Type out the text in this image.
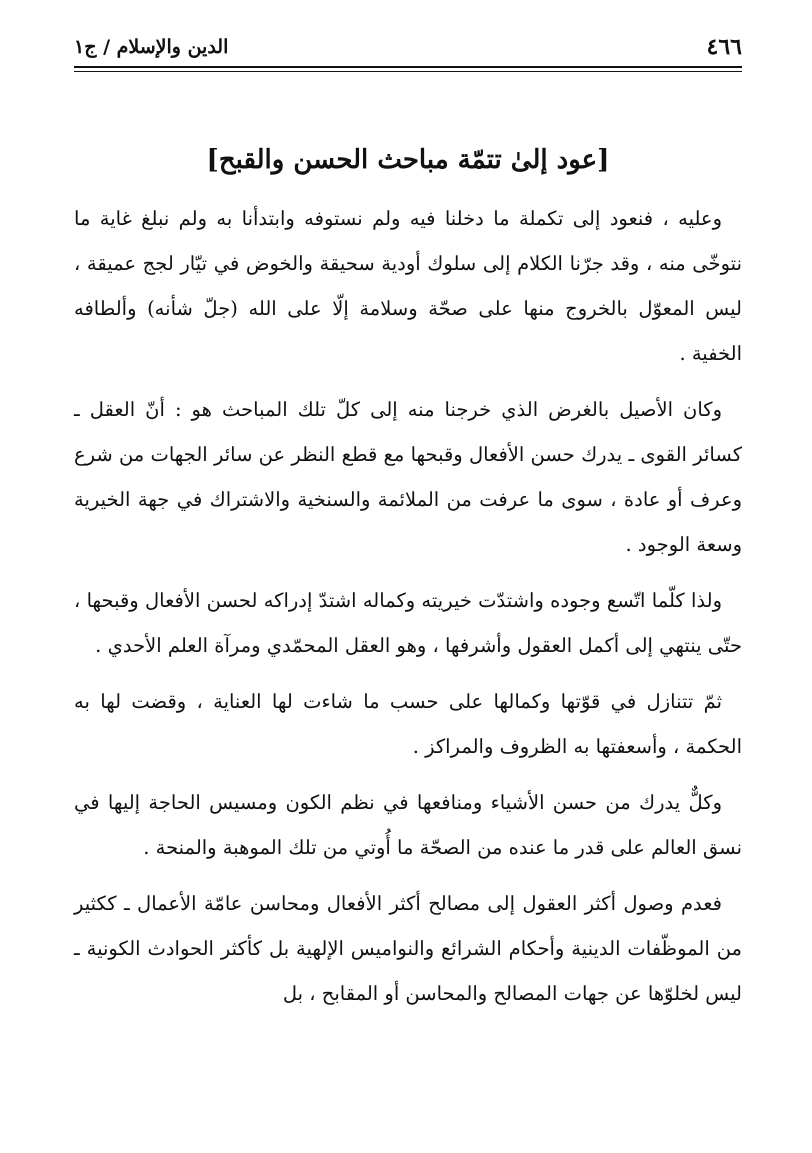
٤٦٦
الدين والإسلام / ج١
[عود إلىٰ تتمّة مباحث الحسن والقبح]

وعليه ، فنعود إلى تكملة ما دخلنا فيه ولم نستوفه وابتدأنا به ولم نبلغ غاية ما نتوخّى منه ، وقد جرّنا الكلام إلى سلوك أودية سحيقة والخوض في تيّار لجج عميقة ، ليس المعوّل بالخروج منها على صحّة وسلامة إلّا على الله (جلّ شأنه) وألطافه الخفية .

وكان الأصيل بالغرض الذي خرجنا منه إلى كلّ تلك المباحث هو : أنّ العقل ـ كسائر القوى ـ يدرك حسن الأفعال وقبحها مع قطع النظر عن سائر الجهات من شرع وعرف أو عادة ، سوى ما عرفت من الملائمة والسنخية والاشتراك في جهة الخيرية وسعة الوجود .

ولذا كلّما اتّسع وجوده واشتدّت خيريته وكماله اشتدّ إدراكه لحسن الأفعال وقبحها ، حتّى ينتهي إلى أكمل العقول وأشرفها ، وهو العقل المحمّدي ومرآة العلم الأحدي .

ثمّ تتنازل في قوّتها وكمالها على حسب ما شاءت لها العناية ، وقضت لها به الحكمة ، وأسعفتها به الظروف والمراكز .

وكلٌّ يدرك من حسن الأشياء ومنافعها في نظم الكون ومسيس الحاجة إليها في نسق العالم على قدر ما عنده من الصحّة ما أُوتي من تلك الموهبة والمنحة .

فعدم وصول أكثر العقول إلى مصالح أكثر الأفعال ومحاسن عامّة الأعمال ـ ككثير من الموظّفات الدينية وأحكام الشرائع والنواميس الإلهية بل كأكثر الحوادث الكونية ـ ليس لخلوّها عن جهات المصالح والمحاسن أو المقابح ، بل
